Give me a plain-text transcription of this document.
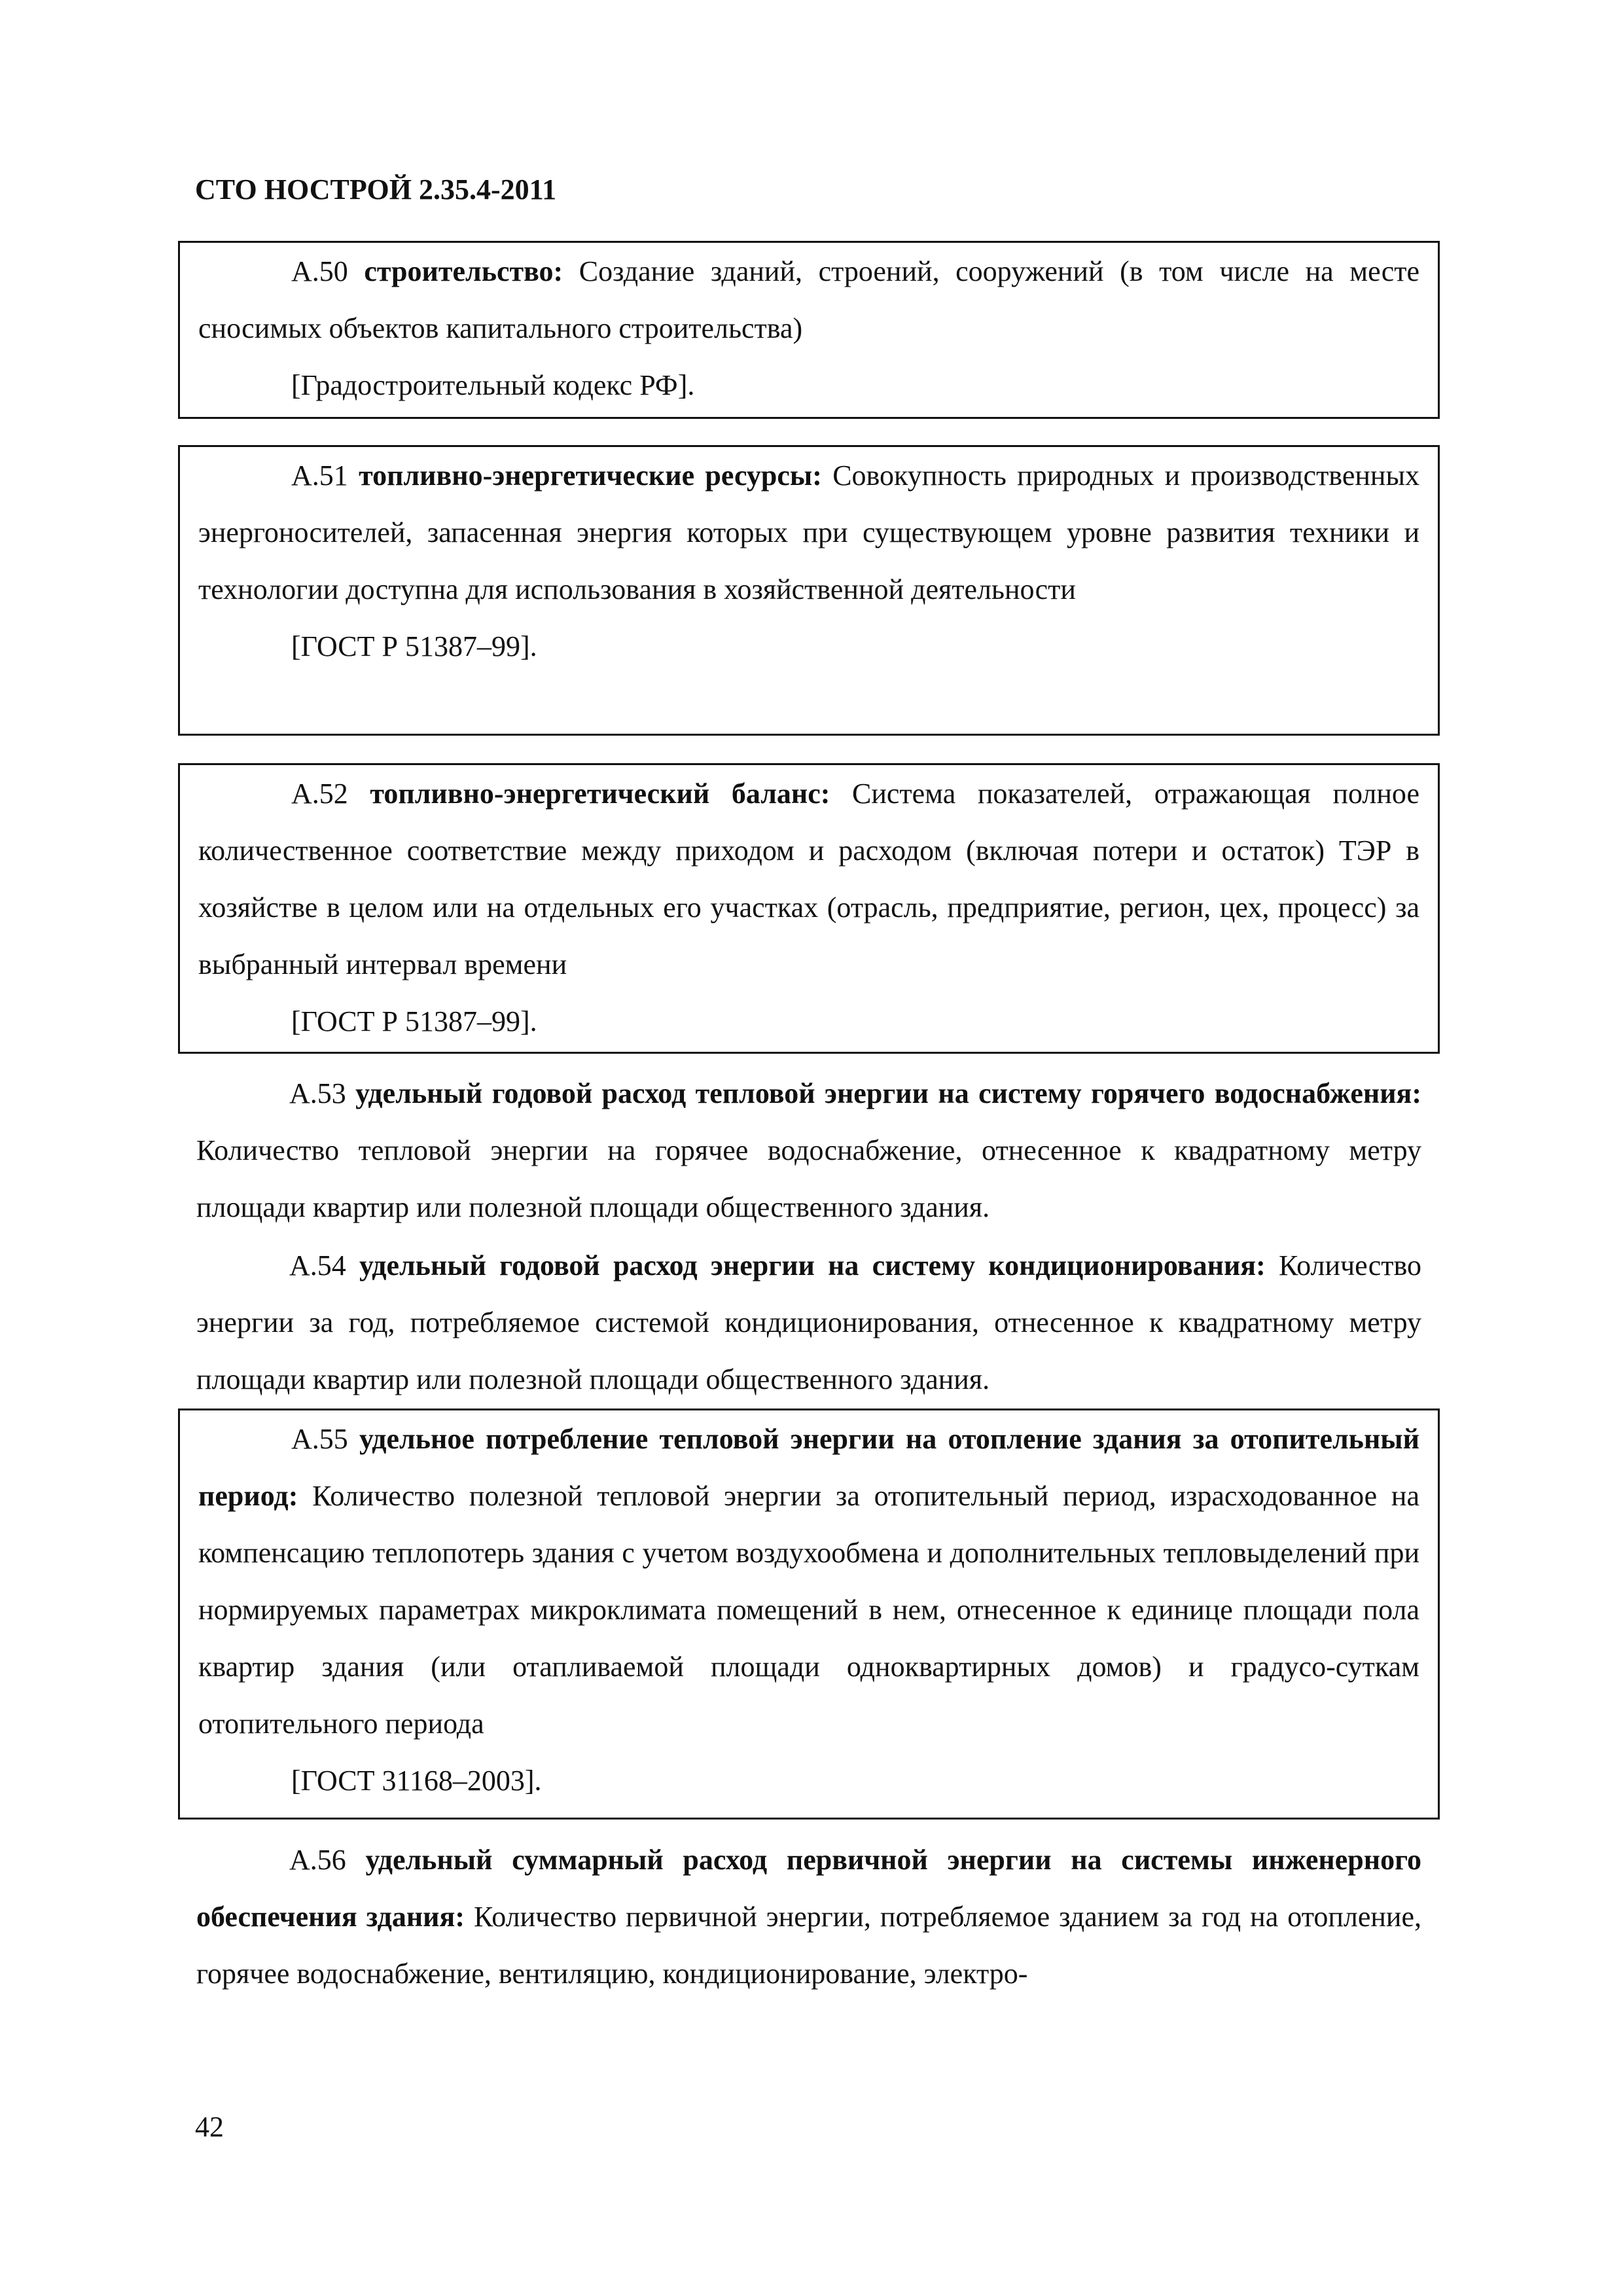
СТО НОСТРОЙ 2.35.4-2011

А.50 строительство: Создание зданий, строений, сооружений (в том числе на месте сносимых объектов капитального строительства)

[Градостроительный кодекс РФ].

А.51 топливно-энергетические ресурсы: Совокупность природных и производственных энергоносителей, запасенная энергия которых при существующем уровне развития техники и технологии доступна для использования в хозяйственной деятельности

[ГОСТ Р 51387–99].

А.52 топливно-энергетический баланс: Система показателей, отражающая полное количественное соответствие между приходом и расходом (включая потери и остаток) ТЭР в хозяйстве в целом или на отдельных его участках (отрасль, предприятие, регион, цех, процесс) за выбранный интервал времени

[ГОСТ Р 51387–99].

А.53 удельный годовой расход тепловой энергии на систему горячего водоснабжения: Количество тепловой энергии на горячее водоснабжение, отнесенное к квадратному метру площади квартир или полезной площади общественного здания.

А.54 удельный годовой расход энергии на систему кондиционирования: Количество энергии за год, потребляемое системой кондиционирования, отнесенное к квадратному метру площади квартир или полезной площади общественного здания.

А.55 удельное потребление тепловой энергии на отопление здания за отопительный период: Количество полезной тепловой энергии за отопительный период, израсходованное на компенсацию теплопотерь здания с учетом воздухообмена и дополнительных тепловыделений при нормируемых параметрах микроклимата помещений в нем, отнесенное к единице площади пола квартир здания (или отапливаемой площади одноквартирных домов) и градусо-суткам отопительного периода

[ГОСТ 31168–2003].

А.56 удельный суммарный расход первичной энергии на системы инженерного обеспечения здания: Количество первичной энергии, потребляемое зданием за год на отопление, горячее водоснабжение, вентиляцию, кондиционирование, электро-

42
